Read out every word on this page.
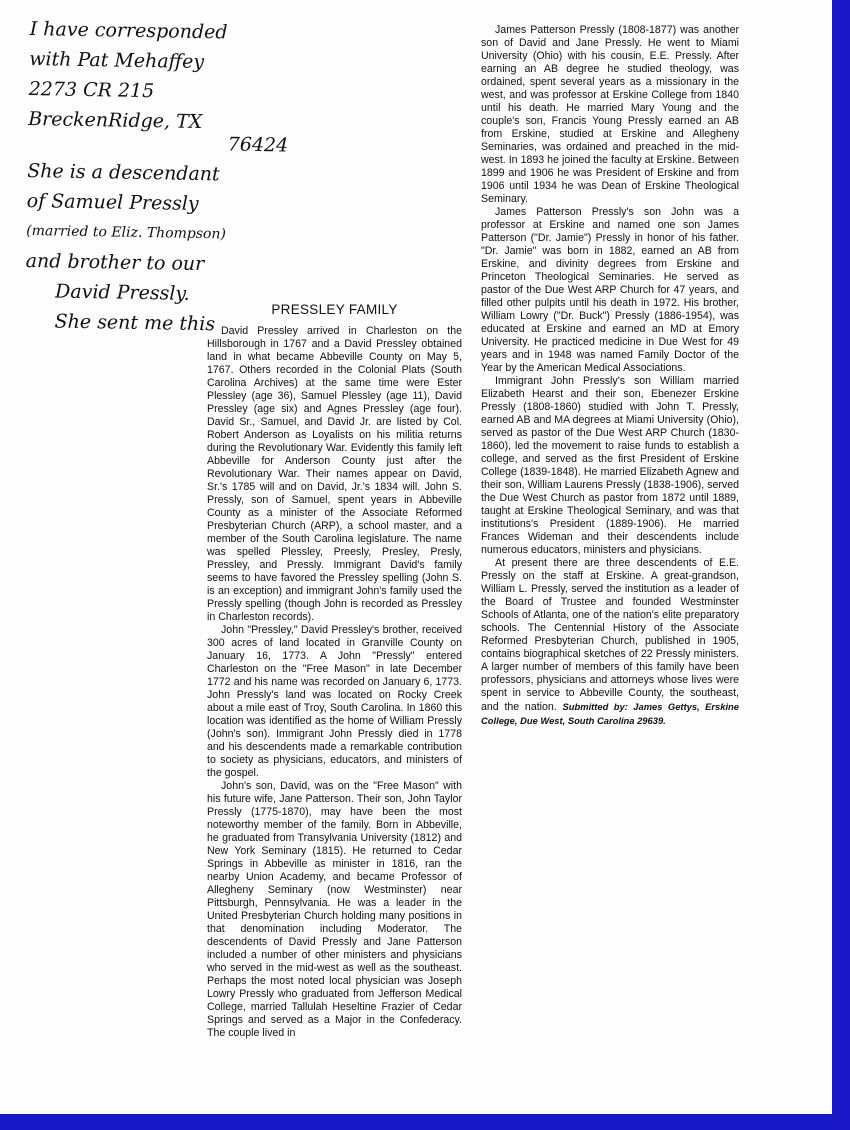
I have corresponded
with Pat Mehaffey
2273 CR 215
BreckenRidge, TX
76424
She is a descendant
of Samuel Pressly
(married to Eliz. Thompson)
and brother to our
David Pressly.
She sent me this
PRESSLEY FAMILY

David Pressley arrived in Charleston on the Hillsborough in 1767 and a David Pressley obtained land in what became Abbeville County on May 5, 1767. Others recorded in the Colonial Plats (South Carolina Archives) at the same time were Ester Plessley (age 36), Samuel Plessley (age 11), David Pressley (age six) and Agnes Pressley (age four). David Sr., Samuel, and David Jr. are listed by Col. Robert Anderson as Loyalists on his militia returns during the Revolutionary War. Evidently this family left Abbeville for Anderson County just after the Revolutionary War. Their names appear on David, Sr.'s 1785 will and on David, Jr.'s 1834 will. John S. Pressly, son of Samuel, spent years in Abbeville County as a minister of the Associate Reformed Presbyterian Church (ARP), a school master, and a member of the South Carolina legislature. The name was spelled Plessley, Preesly, Presley, Presly, Pressley, and Pressly. Immigrant David's family seems to have favored the Pressley spelling (John S. is an exception) and immigrant John's family used the Pressly spelling (though John is recorded as Pressley in Charleston records).

John "Pressley," David Pressley's brother, received 300 acres of land located in Granville County on January 16, 1773. A John "Pressly" entered Charleston on the "Free Mason" in late December 1772 and his name was recorded on January 6, 1773. John Pressly's land was located on Rocky Creek about a mile east of Troy, South Carolina. In 1860 this location was identified as the home of William Pressly (John's son). Immigrant John Pressly died in 1778 and his descendents made a remarkable contribution to society as physicians, educators, and ministers of the gospel.

John's son, David, was on the "Free Mason" with his future wife, Jane Patterson. Their son, John Taylor Pressly (1775-1870), may have been the most noteworthy member of the family. Born in Abbeville, he graduated from Transylvania University (1812) and New York Seminary (1815). He returned to Cedar Springs in Abbeville as minister in 1816, ran the nearby Union Academy, and became Professor of Allegheny Seminary (now Westminster) near Pittsburgh, Pennsylvania. He was a leader in the United Presbyterian Church holding many positions in that denomination including Moderator. The descendents of David Pressly and Jane Patterson included a number of other ministers and physicians who served in the mid-west as well as the southeast. Perhaps the most noted local physician was Joseph Lowry Pressly who graduated from Jefferson Medical College, married Tallulah Heseltine Frazier of Cedar Springs and served as a Major in the Confederacy. The couple lived in

James Patterson Pressly (1808-1877) was another son of David and Jane Pressly. He went to Miami University (Ohio) with his cousin, E.E. Pressly. After earning an AB degree he studied theology, was ordained, spent several years as a missionary in the west, and was professor at Erskine College from 1840 until his death. He married Mary Young and the couple's son, Francis Young Pressly earned an AB from Erskine, studied at Erskine and Allegheny Seminaries, was ordained and preached in the mid-west. In 1893 he joined the faculty at Erskine. Between 1899 and 1906 he was President of Erskine and from 1906 until 1934 he was Dean of Erskine Theological Seminary.

James Patterson Pressly's son John was a professor at Erskine and named one son James Patterson ("Dr. Jamie") Pressly in honor of his father. "Dr. Jamie" was born in 1882, earned an AB from Erskine, and divinity degrees from Erskine and Princeton Theological Seminaries. He served as pastor of the Due West ARP Church for 47 years, and filled other pulpits until his death in 1972. His brother, William Lowry ("Dr. Buck") Pressly (1886-1954), was educated at Erskine and earned an MD at Emory University. He practiced medicine in Due West for 49 years and in 1948 was named Family Doctor of the Year by the American Medical Associations.

Immigrant John Pressly's son William married Elizabeth Hearst and their son, Ebenezer Erskine Pressly (1808-1860) studied with John T. Pressly, earned AB and MA degrees at Miami University (Ohio), served as pastor of the Due West ARP Church (1830-1860), led the movement to raise funds to establish a college, and served as the first President of Erskine College (1839-1848). He married Elizabeth Agnew and their son, William Laurens Pressly (1838-1906), served the Due West Church as pastor from 1872 until 1889, taught at Erskine Theological Seminary, and was that institutions's President (1889-1906). He married Frances Wideman and their descendents include numerous educators, ministers and physicians.

At present there are three descendents of E.E. Pressly on the staff at Erskine. A great-grandson, William L. Pressly, served the institution as a leader of the Board of Trustee and founded Westminster Schools of Atlanta, one of the nation's elite preparatory schools. The Centennial History of the Associate Reformed Presbyterian Church, published in 1905, contains biographical sketches of 22 Pressly ministers. A larger number of members of this family have been professors, physicians and attorneys whose lives were spent in service to Abbeville County, the southeast, and the nation. Submitted by: James Gettys, Erskine College, Due West, South Carolina 29639.
